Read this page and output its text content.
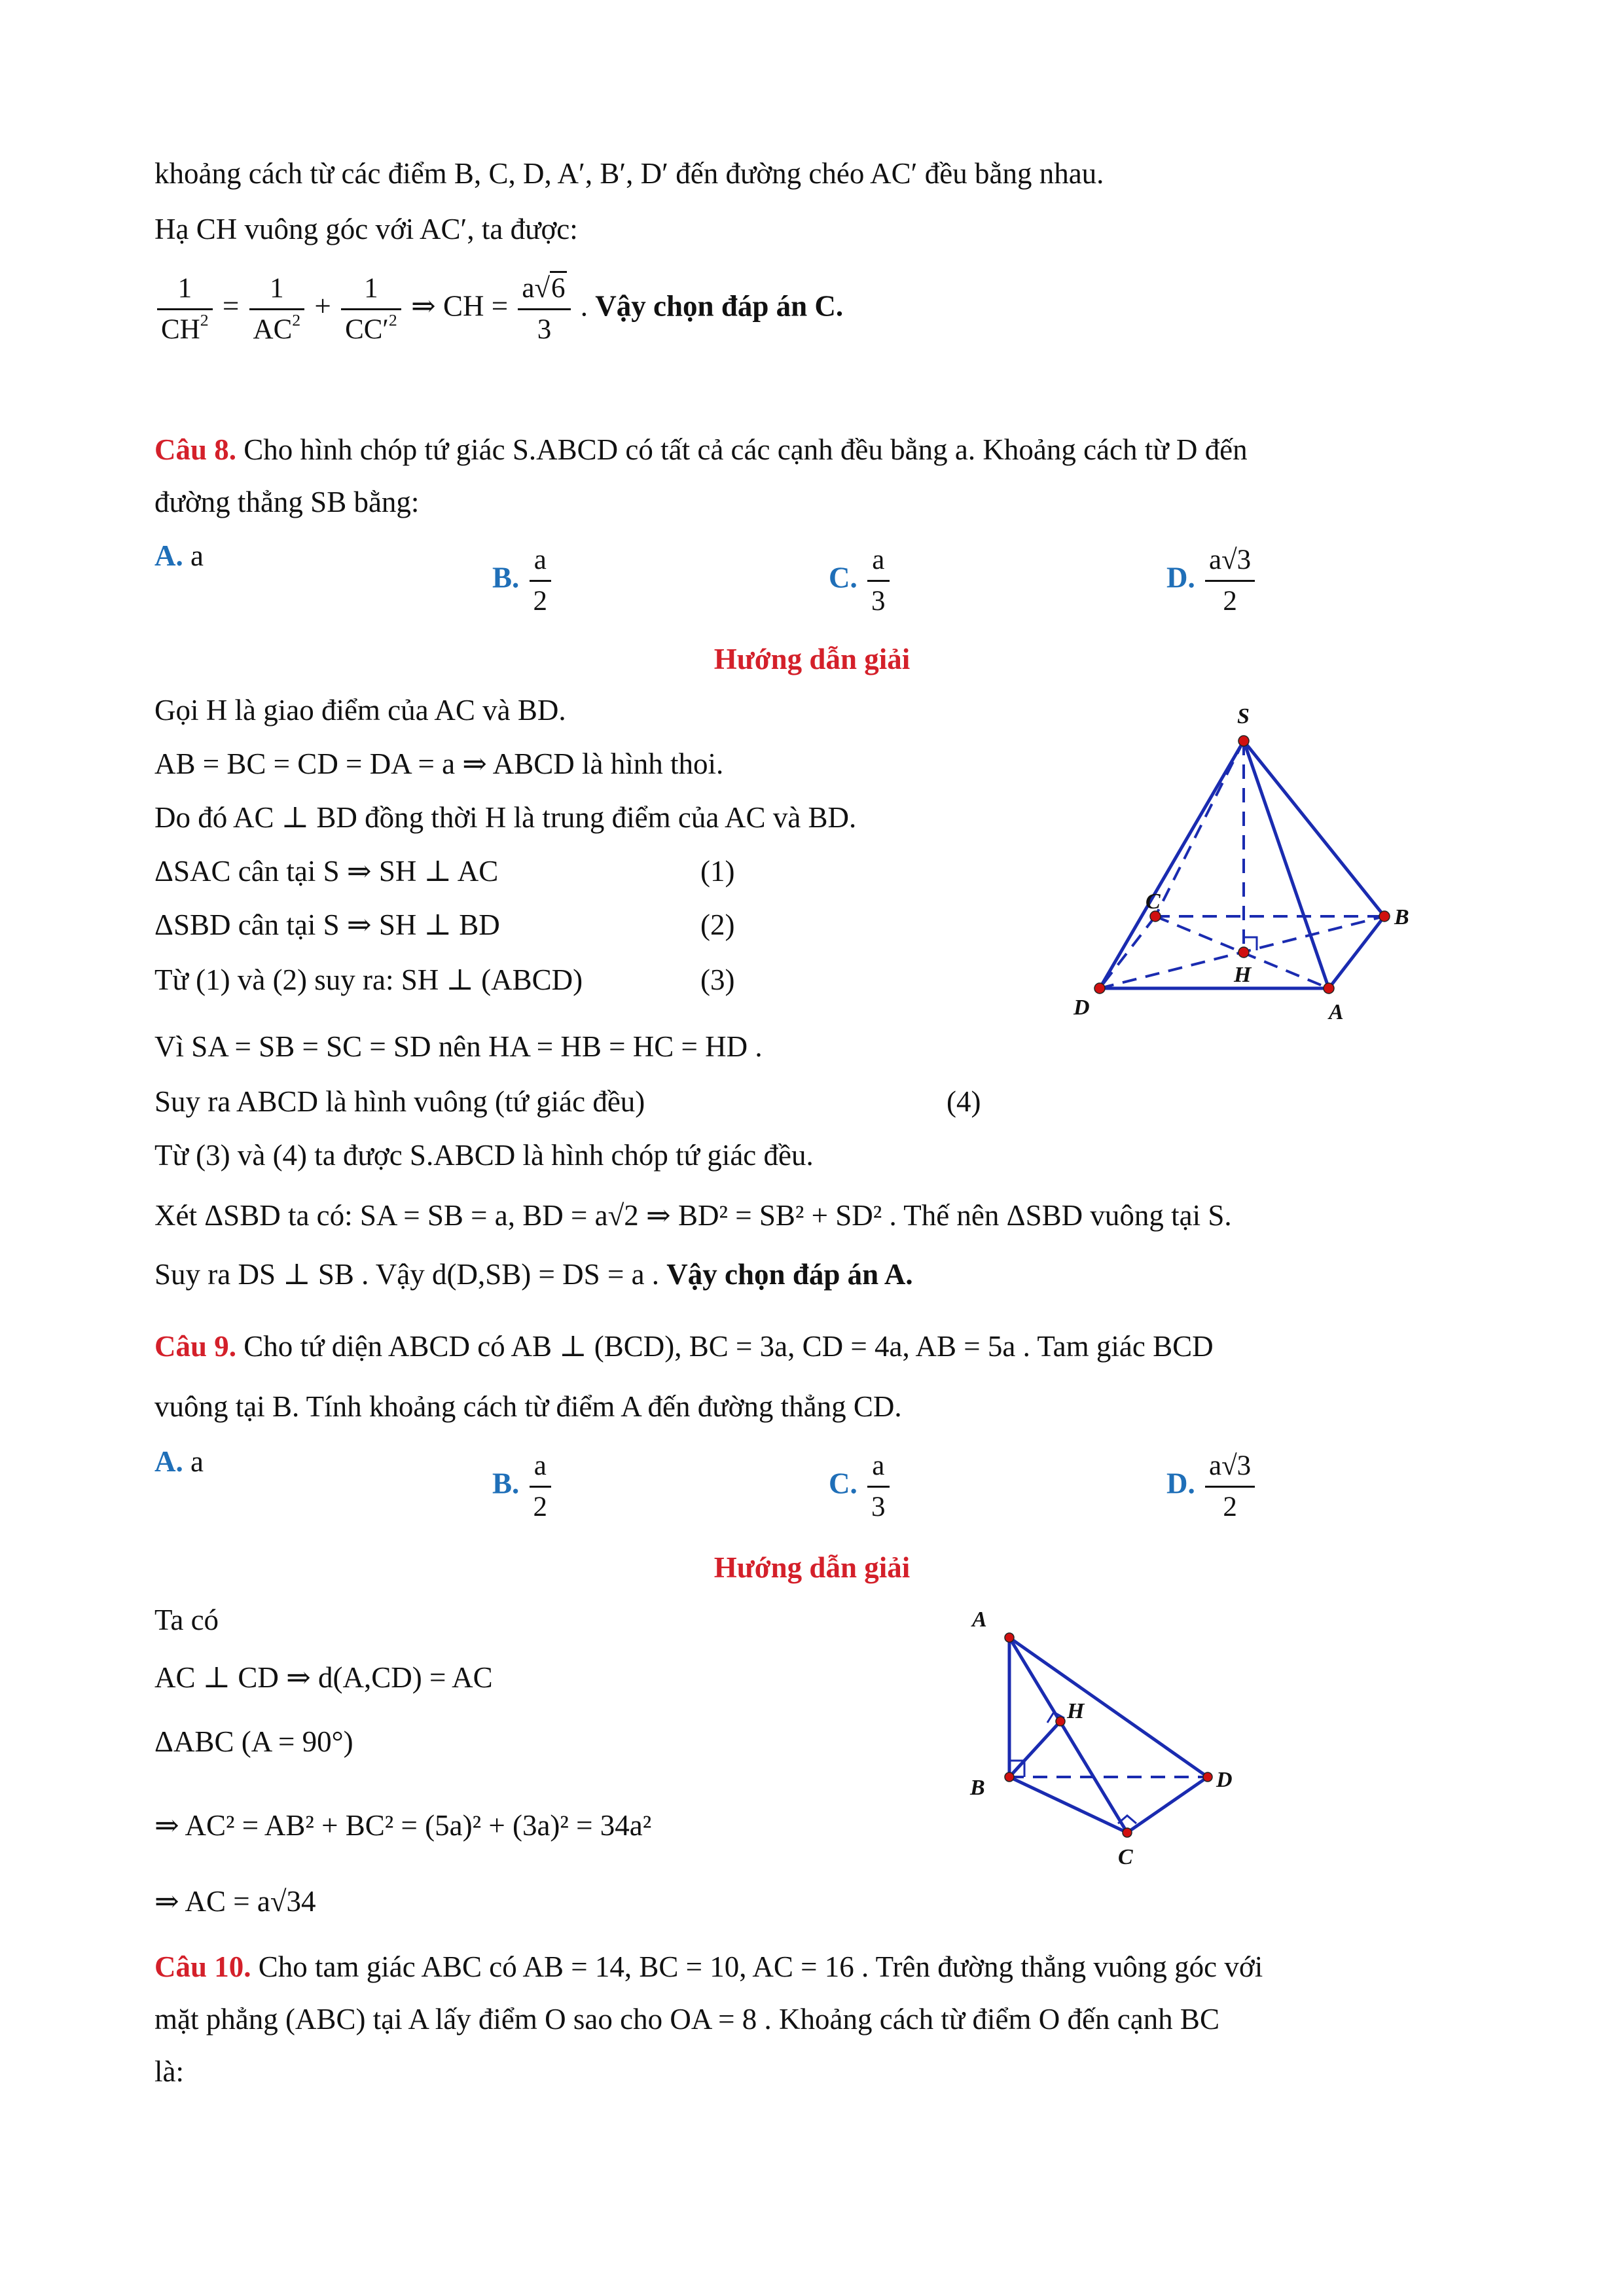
khoảng cách từ các điểm B, C, D, A′, B′, D′ đến đường chéo AC′ đều bằng nhau.
Hạ CH vuông góc với AC′, ta được:
$\frac{1}{CH^2} = \frac{1}{AC^2} + \frac{1}{CC'^2}$ ⇒ CH = $\frac{a√6}{3}$ . Vậy chọn đáp án C.
Câu 8. Cho hình chóp tứ giác S.ABCD có tất cả các cạnh đều bằng a. Khoảng cách từ D đến
đường thẳng SB bằng:
A. a
B. $\frac{a}{2}$	C. $\frac{a}{3}$	D. $\frac{a√3}{2}$
Hướng dẫn giải
Gọi H là giao điểm của AC và BD.
AB = BC = CD = DA = a ⇒ ABCD là hình thoi.
Do đó AC ⊥ BD đồng thời H là trung điểm của AC và BD.
ΔSAC cân tại S ⇒ SH ⊥ AC	(1)
ΔSBD cân tại S ⇒ SH ⊥ BD	(2)
Từ (1) và (2) suy ra: SH ⊥ (ABCD)	(3)
Vì SA = SB = SC = SD nên HA = HB = HC = HD .
Suy ra ABCD là hình vuông (tứ giác đều)	(4)
Từ (3) và (4) ta được S.ABCD là hình chóp tứ giác đều.
Xét ΔSBD ta có: SA = SB = a, BD = a√2 ⇒ BD² = SB² + SD² . Thế nên ΔSBD vuông tại S.
Suy ra DS ⊥ SB . Vậy d(D,SB) = DS = a . Vậy chọn đáp án A.
S
B
C
H
D	A
Câu 9. Cho tứ diện ABCD có AB ⊥ (BCD), BC = 3a, CD = 4a, AB = 5a . Tam giác BCD
vuông tại B. Tính khoảng cách từ điểm A đến đường thẳng CD.
A. a
B. $\frac{a}{2}$	C. $\frac{a}{3}$	D. $\frac{a√3}{2}$
Hướng dẫn giải
Ta có
AC ⊥ CD ⇒ d(A,CD) = AC
ΔABC (A = 90°)
⇒ AC² = AB² + BC² = (5a)² + (3a)² = 34a²
⇒ AC = a√34
A
H
B	D
C
Câu 10. Cho tam giác ABC có AB = 14, BC = 10, AC = 16 . Trên đường thẳng vuông góc với
mặt phẳng (ABC) tại A lấy điểm O sao cho OA = 8 . Khoảng cách từ điểm O đến cạnh BC
là:
